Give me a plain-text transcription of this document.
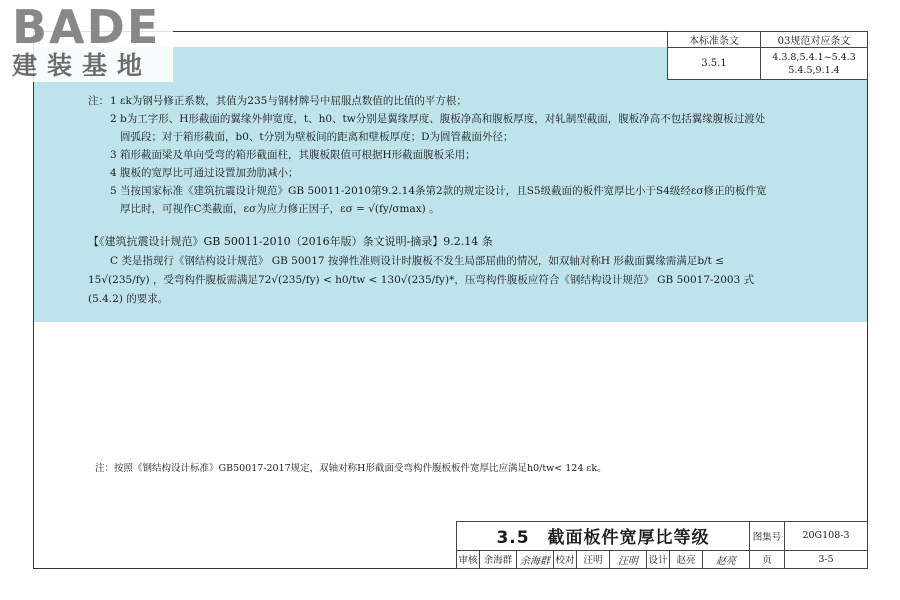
BADE
建装基地
本标准条文	03规范对应条文
3.5.1	4.3.8,5.4.1~5.4.3
5.4.5,9.1.4
注： 1 εk为钢号修正系数，其值为235与钢材牌号中屈服点数值的比值的平方根；
2 b为工字形、H形截面的翼缘外伸宽度，t、h0、tw分别是翼缘厚度、腹板净高和腹板厚度，对轧制型截面，腹板净高不包括翼缘腹板过渡处圆弧段；对于箱形截面，b0、t分别为壁板间的距离和壁板厚度；D为圆管截面外径；
3 箱形截面梁及单向受弯的箱形截面柱，其腹板限值可根据H形截面腹板采用；
4 腹板的宽厚比可通过设置加劲肋减小；
5 当按国家标准《建筑抗震设计规范》GB 50011-2010第9.2.14条第2款的规定设计，且S5级截面的板件宽厚比小于S4级经εσ修正的板件宽厚比时，可视作C类截面，εσ为应力修正因子，εσ = √(fy/σmax) 。
【《建筑抗震设计规范》GB 50011-2010（2016年版）条文说明-摘录】9.2.14 条
C 类是指现行《钢结构设计规范》 GB 50017 按弹性准则设计时腹板不发生局部屈曲的情况，如双轴对称H 形截面翼缘需满足b/t ≤ 15√(235/fy) ，受弯构件腹板需满足72√(235/fy) < h0/tw < 130√(235/fy)*，压弯构件腹板应符合《钢结构设计规范》 GB 50017-2003 式(5.4.2) 的要求。
注：按照《钢结构设计标准》GB50017-2017规定，双轴对称H形截面受弯构件腹板板件宽厚比应满足h0/tw< 124 εk。
3.5　截面板件宽厚比等级									图集号	20G108-3
审核	余海群	余海群	校对	汪明	汪明	设计	赵亮	赵亮	页	3-5
